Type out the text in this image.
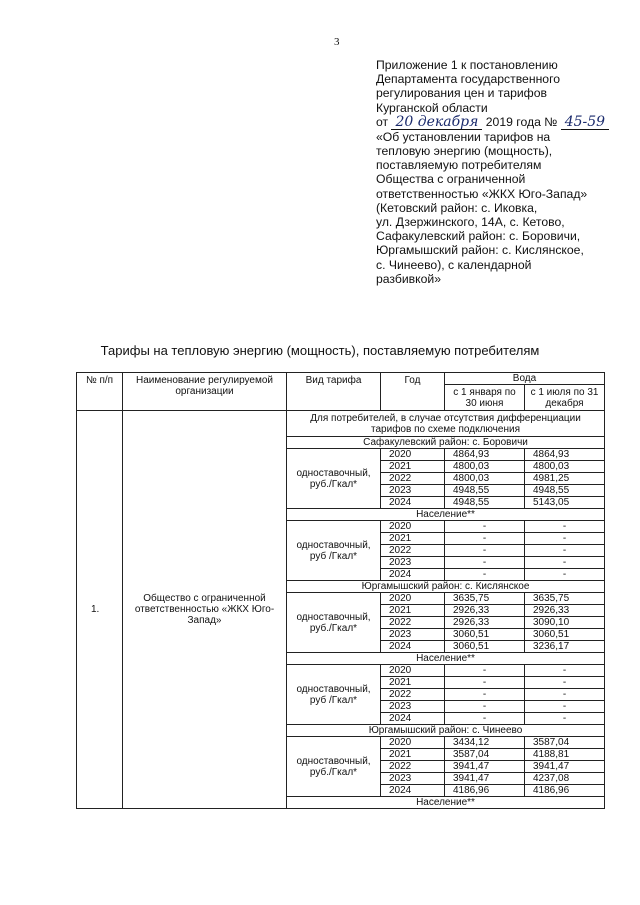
3
Приложение 1 к постановлению
Департамента государственного
регулирования цен и тарифов
Курганской области
от 20 декабря 2019 года № 45-59
«Об установлении тарифов на
тепловую энергию (мощность),
поставляемую потребителям
Общества с ограниченной
ответственностью «ЖКХ Юго-Запад»
(Кетовский район: с. Иковка,
ул. Дзержинского, 14А, с. Кетово,
Сафакулевский район: с. Боровичи,
Юргамышский район: с. Кислянское,
с. Чинеево), с календарной
разбивкой»
Тарифы на тепловую энергию (мощность), поставляемую потребителям
№ п/п	Наименование регулируемой организации	Вид тарифа	Год	Вода	
				с 1 января по 30 июня	с 1 июля по 31 декабря
1.	Общество с ограниченной ответственностью «ЖКХ Юго-Запад»	Для потребителей, в случае отсутствия дифференциации тарифов по схеме подключения			
		Сафакулевский район: с. Боровичи			
		одноставочный, руб./Гкал*	2020	4864,93	4864,93
			2021	4800,03	4800,03
			2022	4800,03	4981,25
			2023	4948,55	4948,55
			2024	4948,55	5143,05
		Население**			
		одноставочный, руб /Гкал*	2020	-	-
			2021	-	-
			2022	-	-
			2023	-	-
			2024	-	-
		Юргамышский район: с. Кислянское			
		одноставочный, руб./Гкал*	2020	3635,75	3635,75
			2021	2926,33	2926,33
			2022	2926,33	3090,10
			2023	3060,51	3060,51
			2024	3060,51	3236,17
		Население**			
		одноставочный, руб /Гкал*	2020	-	-
			2021	-	-
			2022	-	-
			2023	-	-
			2024	-	-
		Юргамышский район: с. Чинеево			
		одноставочный, руб./Гкал*	2020	3434,12	3587,04
			2021	3587,04	4188,81
			2022	3941,47	3941,47
			2023	3941,47	4237,08
			2024	4186,96	4186,96
		Население**			
